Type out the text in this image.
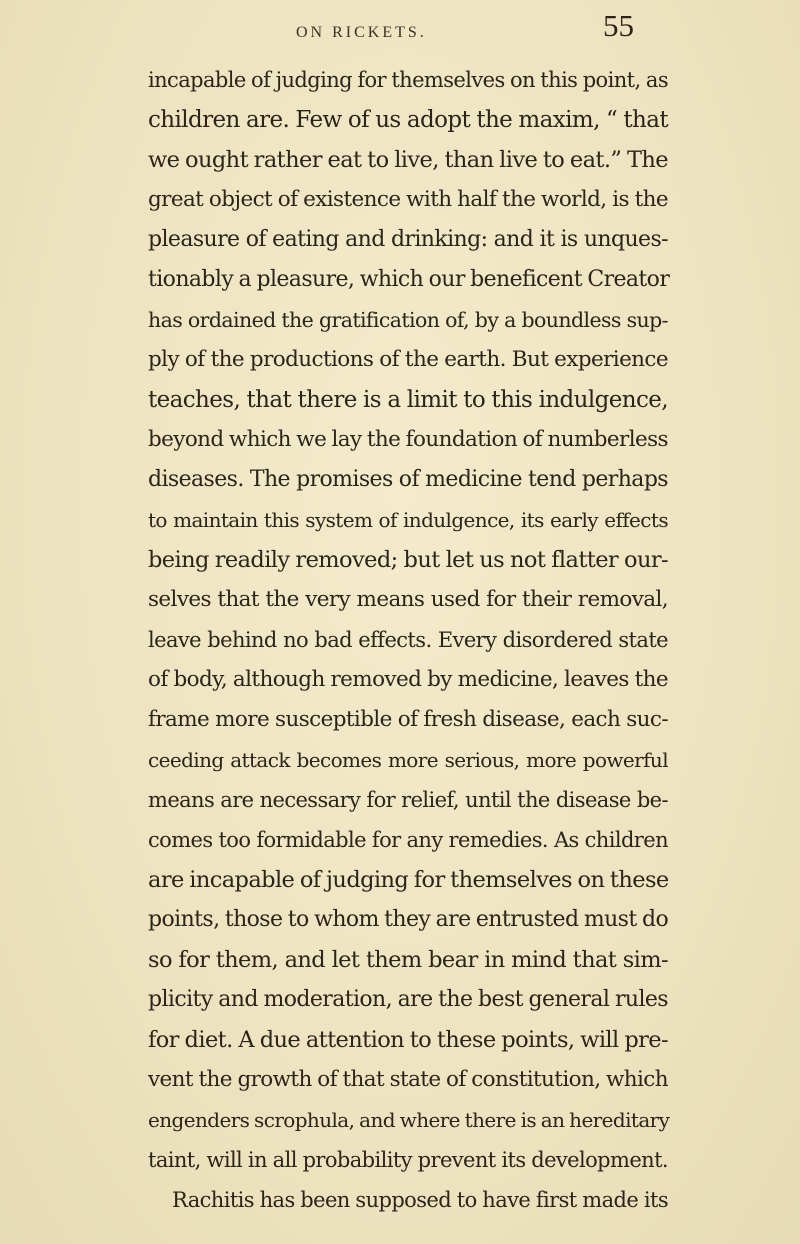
ON RICKETS.	55
incapable of judging for themselves on this point, as
children are. Few of us adopt the maxim, “ that
we ought rather eat to live, than live to eat.” The
great object of existence with half the world, is the
pleasure of eating and drinking: and it is unques-
tionably a pleasure, which our beneficent Creator
has ordained the gratification of, by a boundless sup-
ply of the productions of the earth. But experience
teaches, that there is a limit to this indulgence,
beyond which we lay the foundation of numberless
diseases. The promises of medicine tend perhaps
to maintain this system of indulgence, its early effects
being readily removed; but let us not flatter our-
selves that the very means used for their removal,
leave behind no bad effects. Every disordered state
of body, although removed by medicine, leaves the
frame more susceptible of fresh disease, each suc-
ceeding attack becomes more serious, more powerful
means are necessary for relief, until the disease be-
comes too formidable for any remedies. As children
are incapable of judging for themselves on these
points, those to whom they are entrusted must do
so for them, and let them bear in mind that sim-
plicity and moderation, are the best general rules
for diet. A due attention to these points, will pre-
vent the growth of that state of constitution, which
engenders scrophula, and where there is an hereditary
taint, will in all probability prevent its development.
Rachitis has been supposed to have first made its
